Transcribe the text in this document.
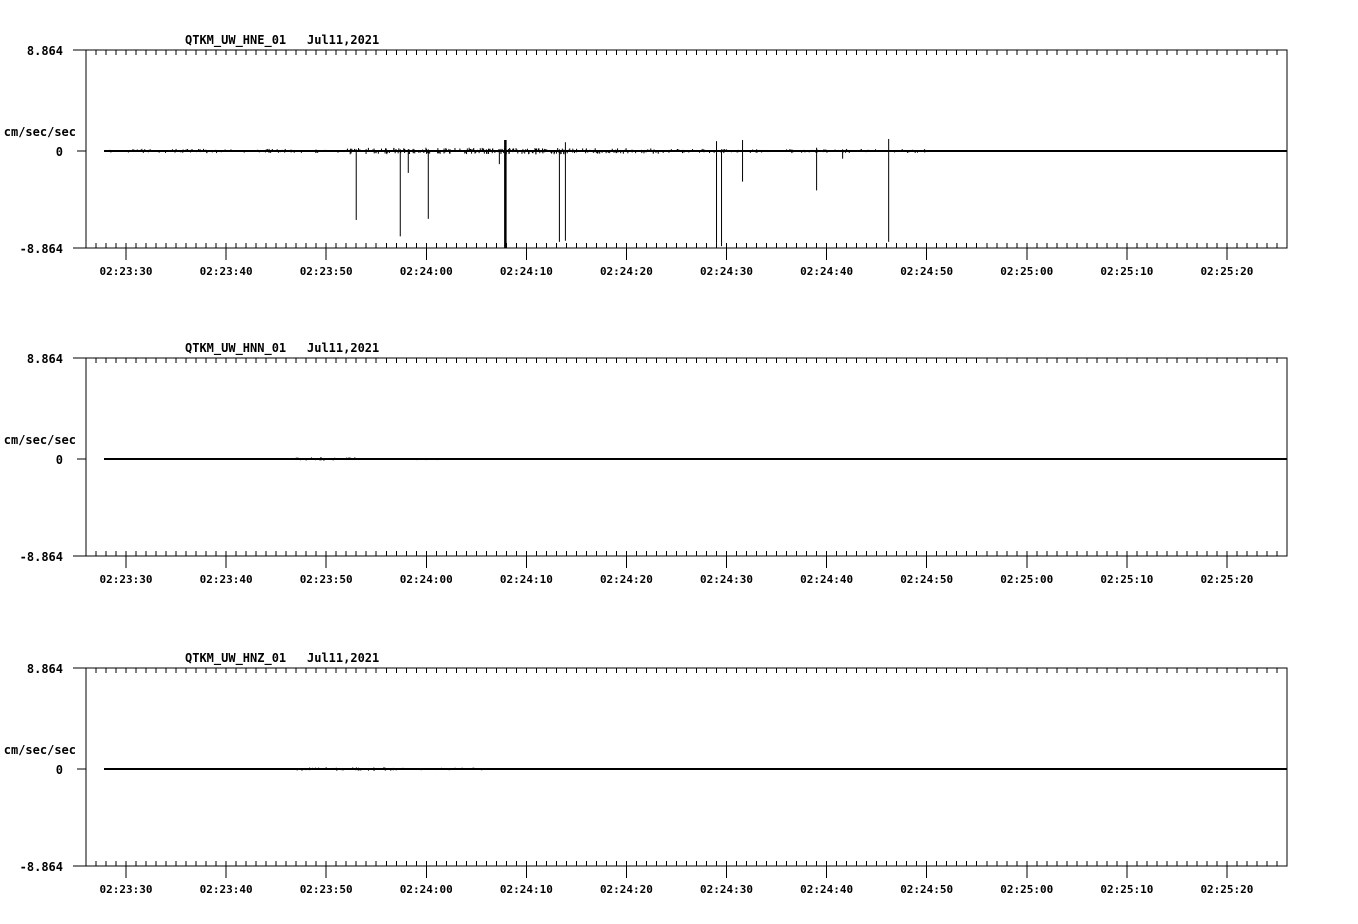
QTKM_UW_HNE_01 Jul11,2021
8.864
cm/sec/sec
0
-8.864
QTKM_UW_HNN_01 Jul11,2021
8.864
cm/sec/sec
0
-8.864
QTKM_UW_HNZ_01 Jul11,2021
8.864
cm/sec/sec
0
-8.864
02:23:30	02:23:40	02:23:50	02:24:00	02:24:10	02:24:20	02:24:30	02:24:40	02:24:50	02:25:00	02:25:10	02:25:20
02:23:30	02:23:40	02:23:50	02:24:00	02:24:10	02:24:20	02:24:30	02:24:40	02:24:50	02:25:00	02:25:10	02:25:20
02:23:30	02:23:40	02:23:50	02:24:00	02:24:10	02:24:20	02:24:30	02:24:40	02:24:50	02:25:00	02:25:10	02:25:20
